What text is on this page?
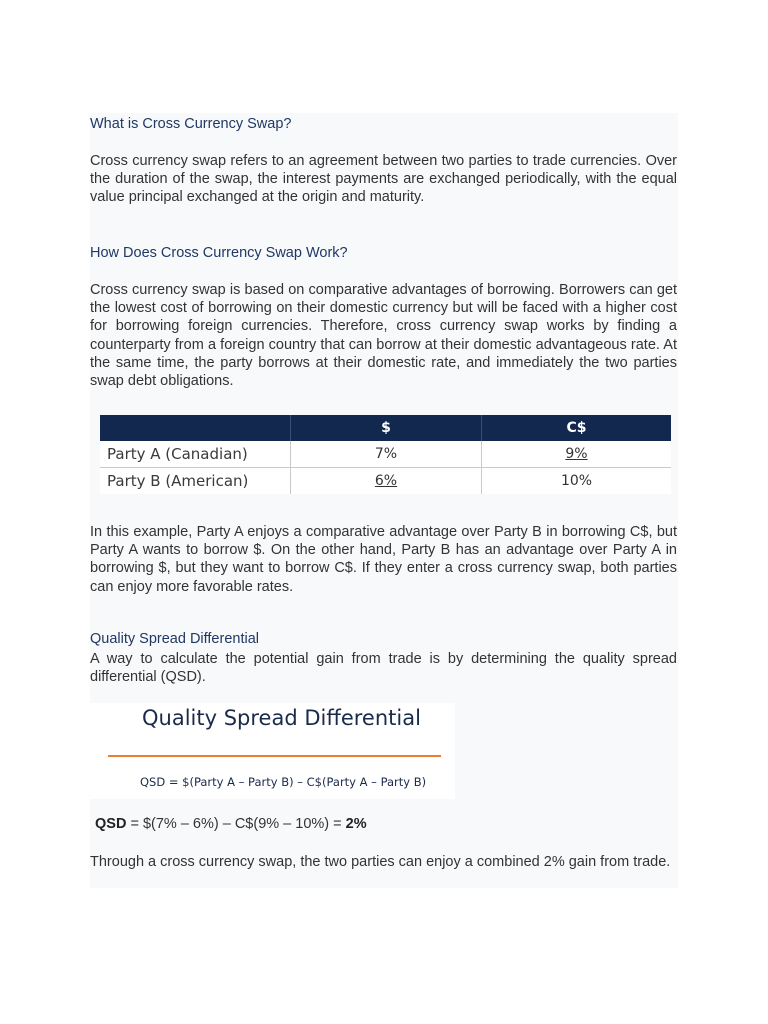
What is Cross Currency Swap?

Cross currency swap refers to an agreement between two parties to trade currencies. Over the duration of the swap, the interest payments are exchanged periodically, with the equal value principal exchanged at the origin and maturity.

How Does Cross Currency Swap Work?

Cross currency swap is based on comparative advantages of borrowing. Borrowers can get the lowest cost of borrowing on their domestic currency but will be faced with a higher cost for borrowing foreign currencies. Therefore, cross currency swap works by finding a counterparty from a foreign country that can borrow at their domestic advantageous rate. At the same time, the party borrows at their domestic rate, and immediately the two parties swap debt obligations.

	$	C$
Party A (Canadian)	7%	9%
Party B (American)	6%	10%

In this example, Party A enjoys a comparative advantage over Party B in borrowing C$, but Party A wants to borrow $. On the other hand, Party B has an advantage over Party A in borrowing $, but they want to borrow C$. If they enter a cross currency swap, both parties can enjoy more favorable rates.

Quality Spread Differential

A way to calculate the potential gain from trade is by determining the quality spread differential (QSD).

Quality Spread Differential
QSD = $(Party A – Party B) – C$(Party A – Party B)
QSD = $(7% – 6%) – C$(9% – 10%) = 2%

Through a cross currency swap, the two parties can enjoy a combined 2% gain from trade.
